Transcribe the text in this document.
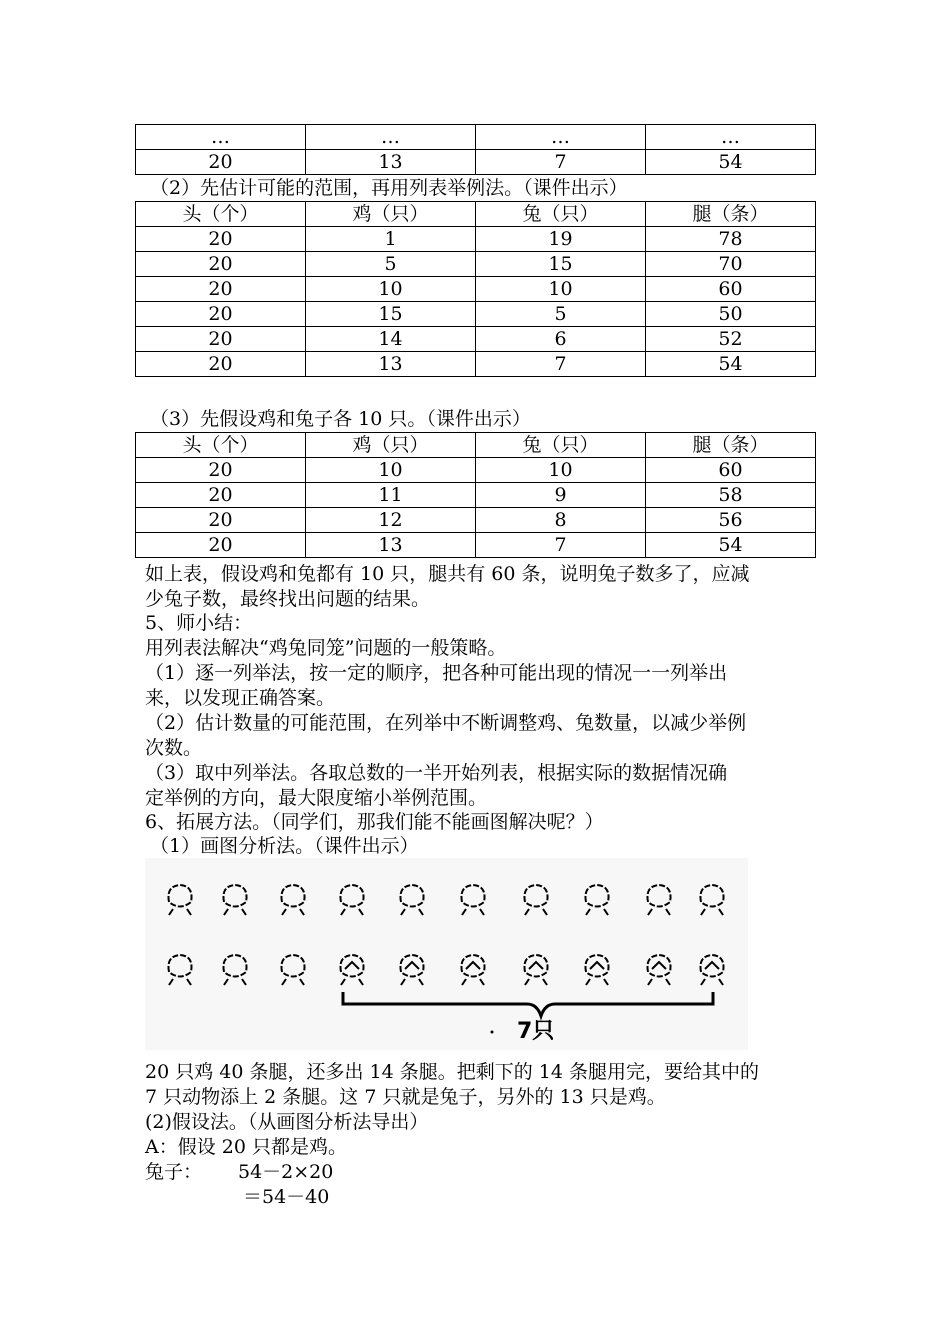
…	…	…	…
20	13	7	54
（2）先估计可能的范围，再用列表举例法。（课件出示）
头（个）	鸡（只）	兔（只）	腿（条）
20	1	19	78
20	5	15	70
20	10	10	60
20	15	5	50
20	14	6	52
20	13	7	54
（3）先假设鸡和兔子各 10 只。（课件出示）
头（个）	鸡（只）	兔（只）	腿（条）
20	10	10	60
20	11	9	58
20	12	8	56
20	13	7	54
如上表，假设鸡和兔都有 10 只，腿共有 60 条，说明兔子数多了，应减
少兔子数，最终找出问题的结果。
5、师小结：
用列表法解决“鸡兔同笼”问题的一般策略。
（1）逐一列举法，按一定的顺序，把各种可能出现的情况一一列举出
来，以发现正确答案。
（2）估计数量的可能范围，在列举中不断调整鸡、兔数量，以减少举例
次数。
（3）取中列举法。各取总数的一半开始列表，根据实际的数据情况确
定举例的方向，最大限度缩小举例范围。
6、拓展方法。（同学们，那我们能不能画图解决呢？）
（1）画图分析法。（课件出示）
7只
20 只鸡 40 条腿，还多出 14 条腿。把剩下的 14 条腿用完，要给其中的
7 只动物添上 2 条腿。这 7 只就是兔子，另外的 13 只是鸡。
(2)假设法。（从画图分析法导出）
A：假设 20 只都是鸡。
兔子： 54－2×20
＝54－40
